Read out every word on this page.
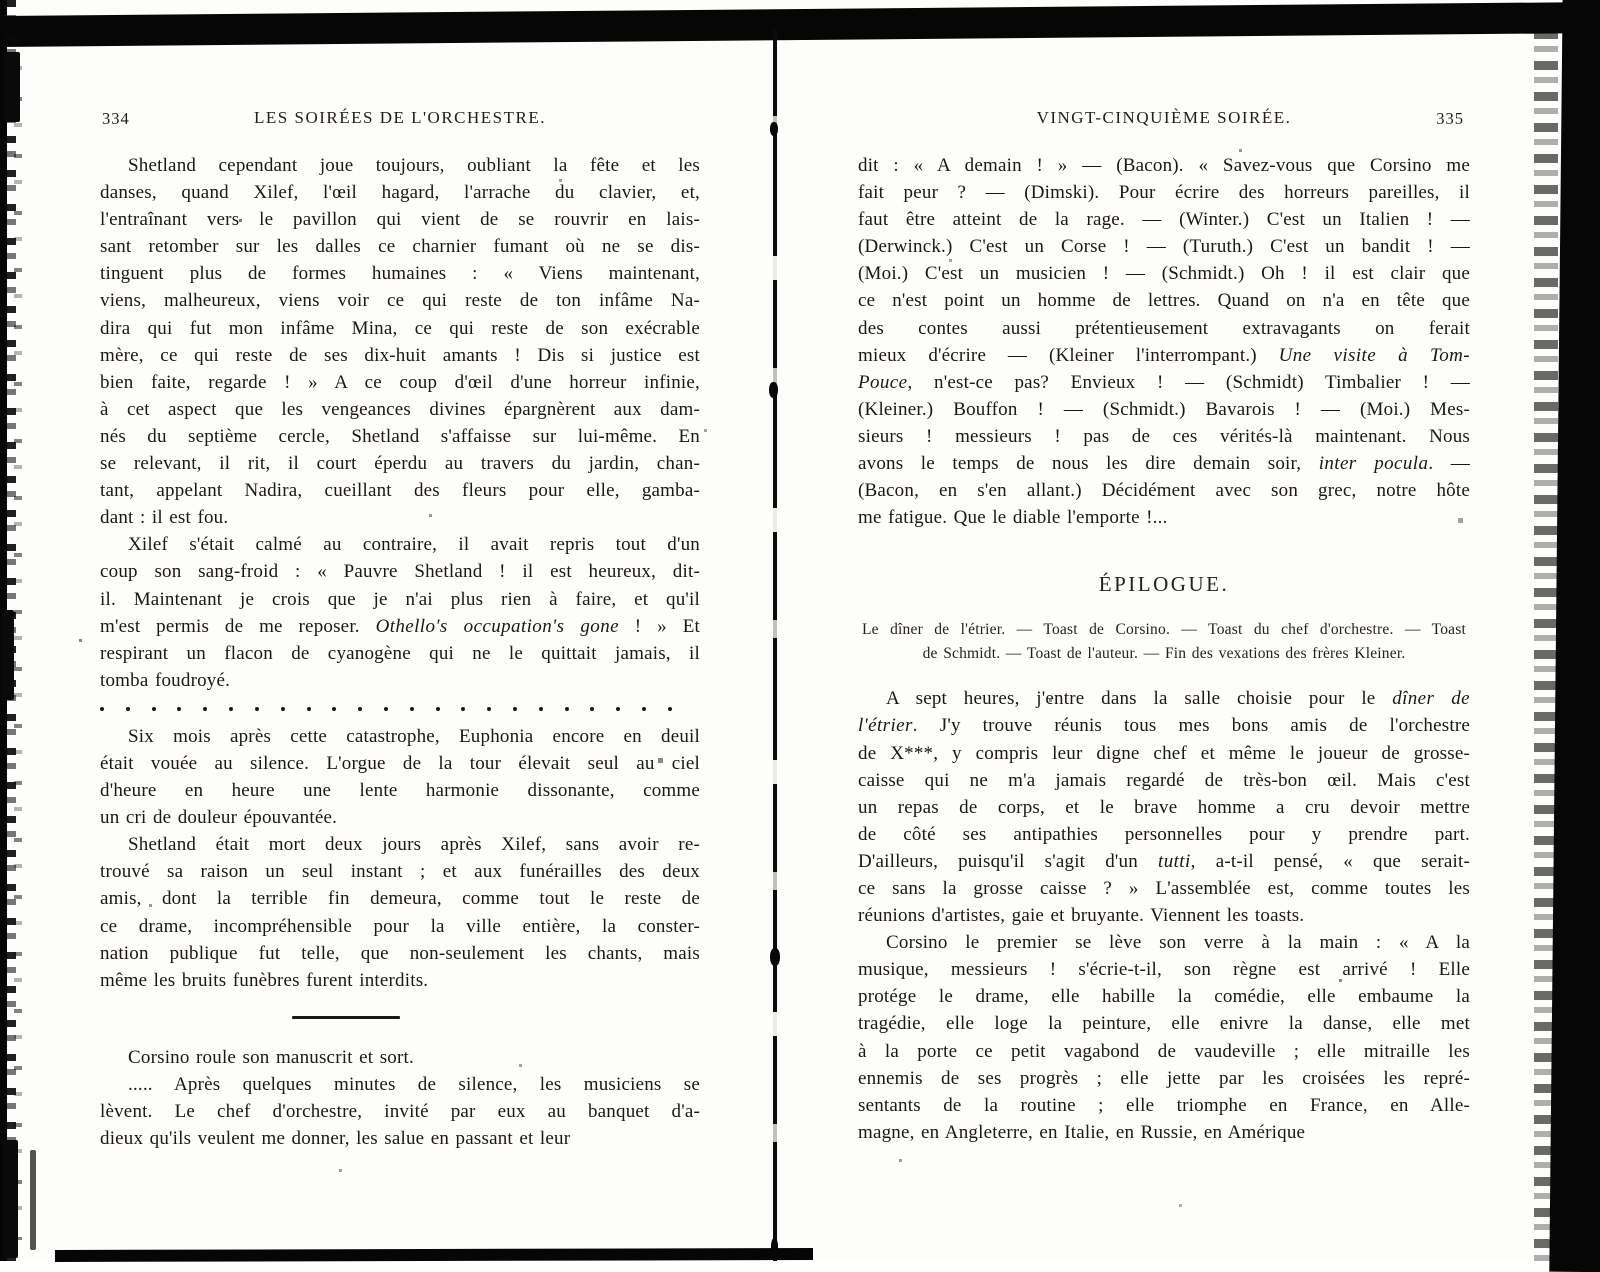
334	LES SOIRÉES DE L'ORCHESTRE.
Shetland cependant joue toujours, oubliant la fête et les
danses, quand Xilef, l'œil hagard, l'arrache du clavier, et,
l'entraînant vers le pavillon qui vient de se rouvrir en lais-
sant retomber sur les dalles ce charnier fumant où ne se dis-
tinguent plus de formes humaines : « Viens maintenant,
viens, malheureux, viens voir ce qui reste de ton infâme Na-
dira qui fut mon infâme Mina, ce qui reste de son exécrable
mère, ce qui reste de ses dix-huit amants ! Dis si justice est
bien faite, regarde ! » A ce coup d'œil d'une horreur infinie,
à cet aspect que les vengeances divines épargnèrent aux dam-
nés du septième cercle, Shetland s'affaisse sur lui-même. En
se relevant, il rit, il court éperdu au travers du jardin, chan-
tant, appelant Nadira, cueillant des fleurs pour elle, gamba-
dant : il est fou.
Xilef s'était calmé au contraire, il avait repris tout d'un
coup son sang-froid : « Pauvre Shetland ! il est heureux, dit-
il. Maintenant je crois que je n'ai plus rien à faire, et qu'il
m'est permis de me reposer. Othello's occupation's gone ! » Et
respirant un flacon de cyanogène qui ne le quittait jamais, il
tomba foudroyé.
Six mois après cette catastrophe, Euphonia encore en deuil
était vouée au silence. L'orgue de la tour élevait seul au ciel
d'heure en heure une lente harmonie dissonante, comme
un cri de douleur épouvantée.
Shetland était mort deux jours après Xilef, sans avoir re-
trouvé sa raison un seul instant ; et aux funérailles des deux
amis, dont la terrible fin demeura, comme tout le reste de
ce drame, incompréhensible pour la ville entière, la conster-
nation publique fut telle, que non-seulement les chants, mais
même les bruits funèbres furent interdits.
Corsino roule son manuscrit et sort.
..... Après quelques minutes de silence, les musiciens se
lèvent. Le chef d'orchestre, invité par eux au banquet d'a-
dieux qu'ils veulent me donner, les salue en passant et leur
VINGT-CINQUIÈME SOIRÉE.	335
dit : « A demain ! » — (Bacon). « Savez-vous que Corsino me
fait peur ? — (Dimski). Pour écrire des horreurs pareilles, il
faut être atteint de la rage. — (Winter.) C'est un Italien ! —
(Derwinck.) C'est un Corse ! — (Turuth.) C'est un bandit ! —
(Moi.) C'est un musicien ! — (Schmidt.) Oh ! il est clair que
ce n'est point un homme de lettres. Quand on n'a en tête que
des contes aussi prétentieusement extravagants on ferait
mieux d'écrire — (Kleiner l'interrompant.) Une visite à Tom-
Pouce, n'est-ce pas? Envieux ! — (Schmidt) Timbalier ! —
(Kleiner.) Bouffon ! — (Schmidt.) Bavarois ! — (Moi.) Mes-
sieurs ! messieurs ! pas de ces vérités-là maintenant. Nous
avons le temps de nous les dire demain soir, inter pocula. —
(Bacon, en s'en allant.) Décidément avec son grec, notre hôte
me fatigue. Que le diable l'emporte !...
ÉPILOGUE.
Le dîner de l'étrier. — Toast de Corsino. — Toast du chef d'orchestre. — Toast
de Schmidt. — Toast de l'auteur. — Fin des vexations des frères Kleiner.
A sept heures, j'entre dans la salle choisie pour le dîner de
l'étrier. J'y trouve réunis tous mes bons amis de l'orchestre
de X***, y compris leur digne chef et même le joueur de grosse-
caisse qui ne m'a jamais regardé de très-bon œil. Mais c'est
un repas de corps, et le brave homme a cru devoir mettre
de côté ses antipathies personnelles pour y prendre part.
D'ailleurs, puisqu'il s'agit d'un tutti, a-t-il pensé, « que serait-
ce sans la grosse caisse ? » L'assemblée est, comme toutes les
réunions d'artistes, gaie et bruyante. Viennent les toasts.
Corsino le premier se lève son verre à la main : « A la
musique, messieurs ! s'écrie-t-il, son règne est arrivé ! Elle
protége le drame, elle habille la comédie, elle embaume la
tragédie, elle loge la peinture, elle enivre la danse, elle met
à la porte ce petit vagabond de vaudeville ; elle mitraille les
ennemis de ses progrès ; elle jette par les croisées les repré-
sentants de la routine ; elle triomphe en France, en Alle-
magne, en Angleterre, en Italie, en Russie, en Amérique
